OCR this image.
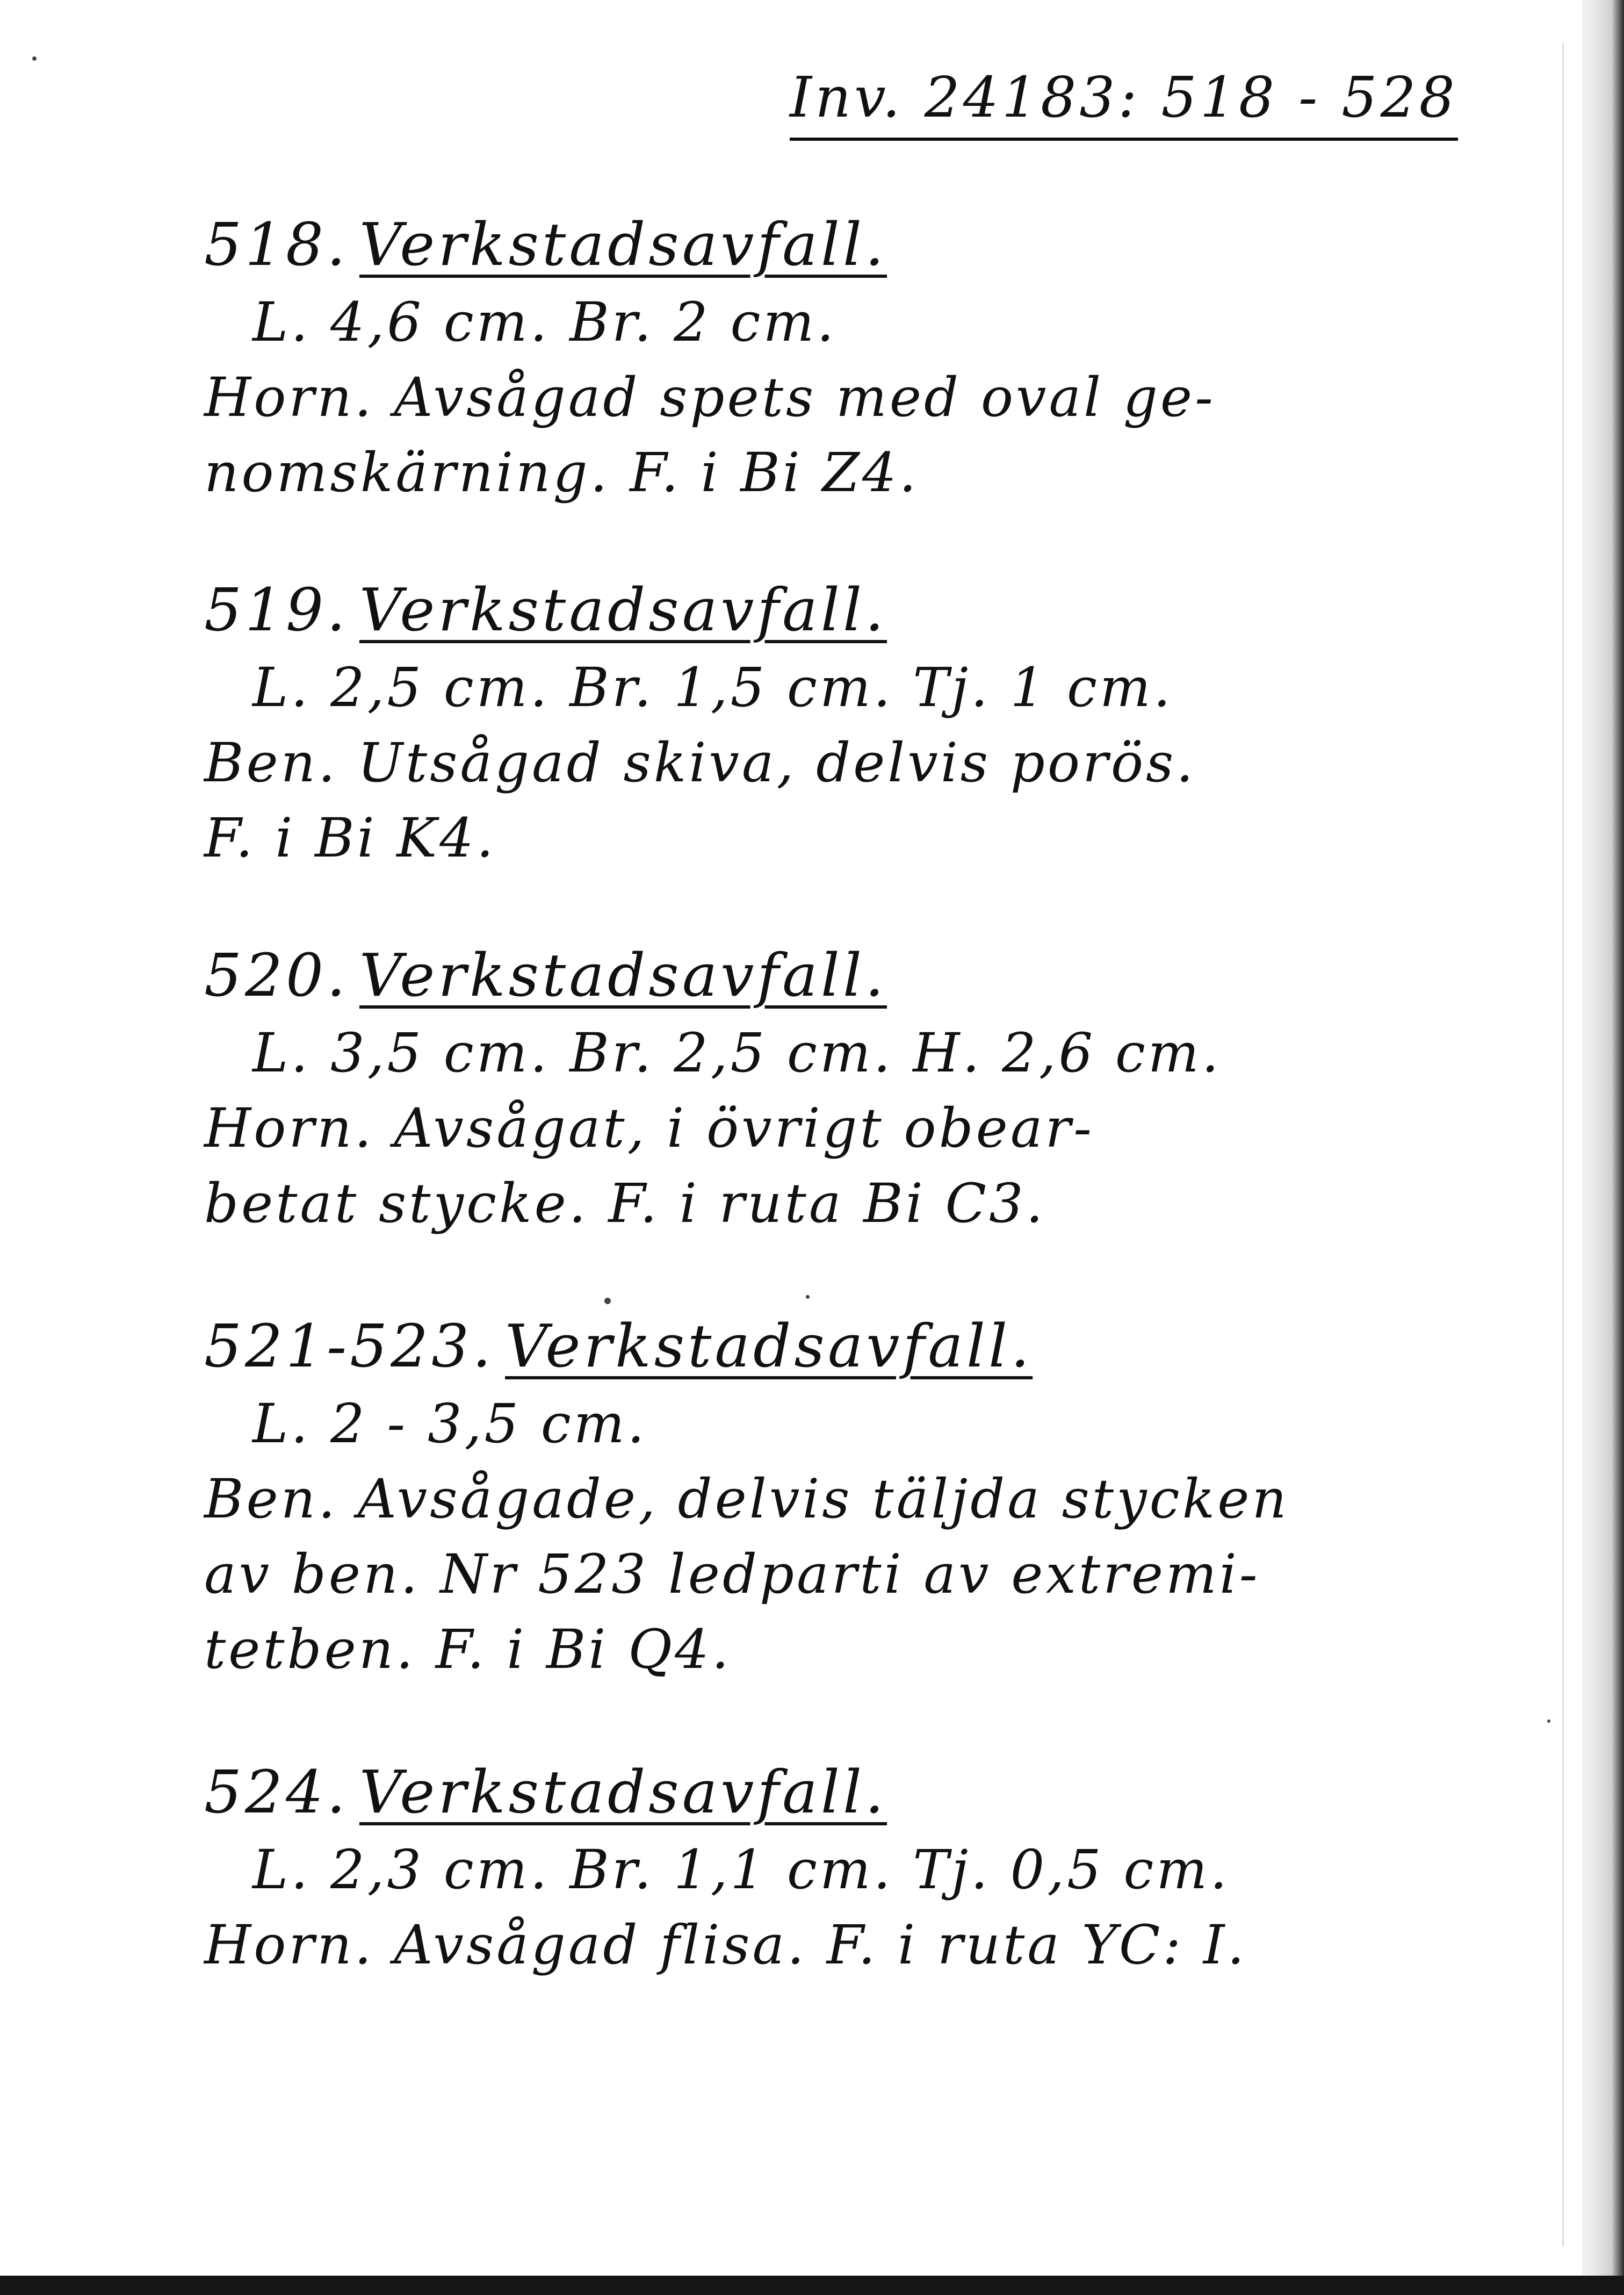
Inv. 24183: 518 - 528
518. Verkstadsavfall.
L. 4,6 cm. Br. 2 cm.
Horn. Avsågad spets med oval ge-
nomskärning. F. i Bi Z4.
519. Verkstadsavfall.
L. 2,5 cm. Br. 1,5 cm. Tj. 1 cm.
Ben. Utsågad skiva, delvis porös.
F. i Bi K4.
520. Verkstadsavfall.
L. 3,5 cm. Br. 2,5 cm. H. 2,6 cm.
Horn. Avsågat, i övrigt obear-
betat stycke. F. i ruta Bi C3.
521-523. Verkstadsavfall.
L. 2 - 3,5 cm.
Ben. Avsågade, delvis täljda stycken
av ben. Nr 523 ledparti av extremi-
tetben. F. i Bi Q4.
524. Verkstadsavfall.
L. 2,3 cm. Br. 1,1 cm. Tj. 0,5 cm.
Horn. Avsågad flisa. F. i ruta YC: I.
